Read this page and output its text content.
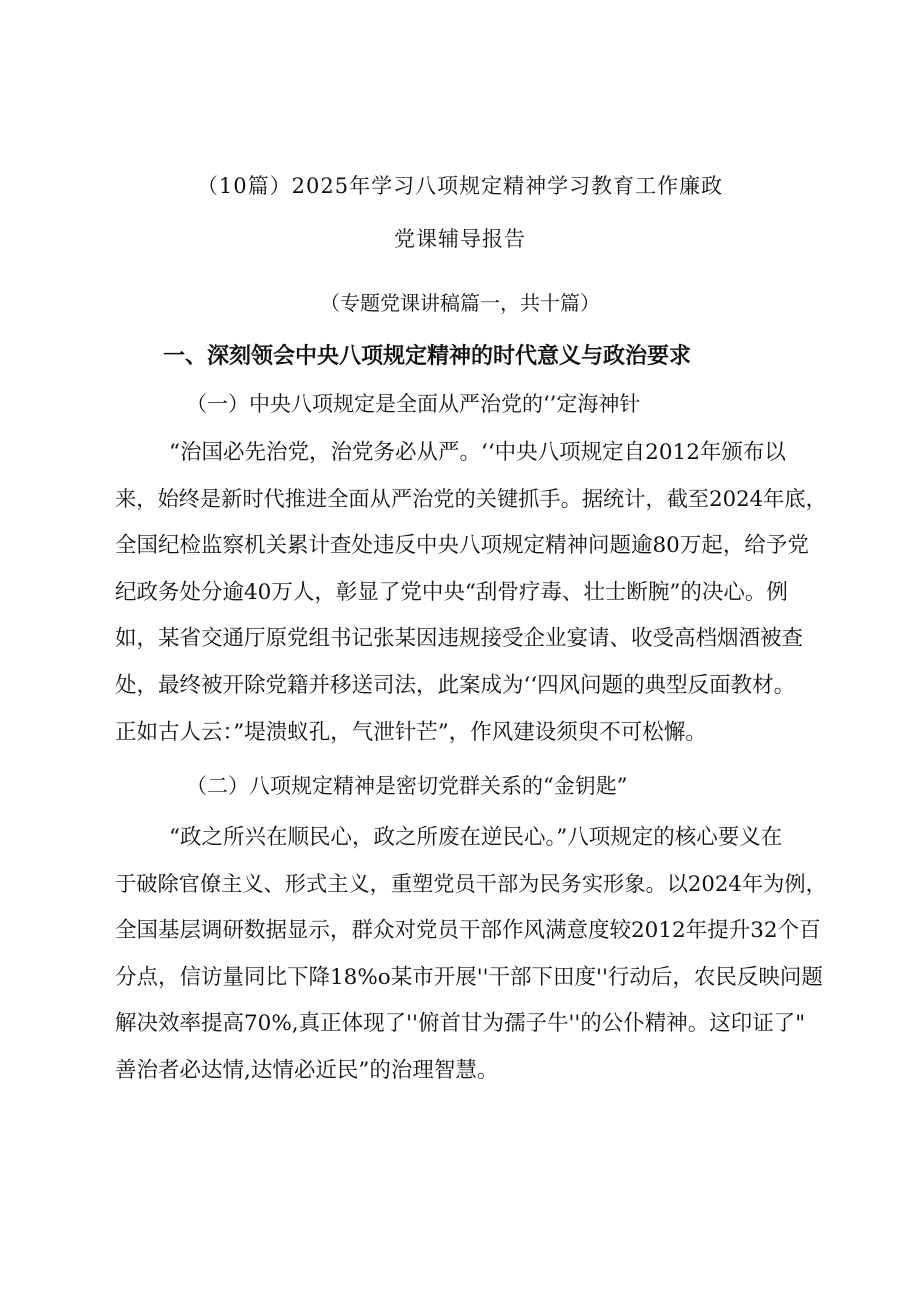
（10篇）2025年学习八项规定精神学习教育工作廉政
党课辅导报告
（专题党课讲稿篇一，共十篇）
一、深刻领会中央八项规定精神的时代意义与政治要求
（一）中央八项规定是全面从严治党的‘’定海神针
“治国必先治党，治党务必从严。‘‘中央八项规定自2012年颁布以
来，始终是新时代推进全面从严治党的关键抓手。据统计，截至2024年底，
全国纪检监察机关累计查处违反中央八项规定精神问题逾80万起，给予党
纪政务处分逾40万人，彰显了党中央“刮骨疗毒、壮士断腕”的决心。例
如，某省交通厅原党组书记张某因违规接受企业宴请、收受高档烟酒被查
处，最终被开除党籍并移送司法，此案成为‘‘四风问题的典型反面教材。
正如古人云：”堤溃蚁孔，气泄针芒”，作风建设须臾不可松懈。
（二）八项规定精神是密切党群关系的“金钥匙”
“政之所兴在顺民心，政之所废在逆民心。”八项规定的核心要义在
于破除官僚主义、形式主义，重塑党员干部为民务实形象。以2024年为例，
全国基层调研数据显示，群众对党员干部作风满意度较2012年提升32个百
分点，信访量同比下降18%o某市开展''干部下田度''行动后，农民反映问题
解决效率提高70%,真正体现了''俯首甘为孺子牛''的公仆精神。这印证了"
善治者必达情,达情必近民”的治理智慧。
